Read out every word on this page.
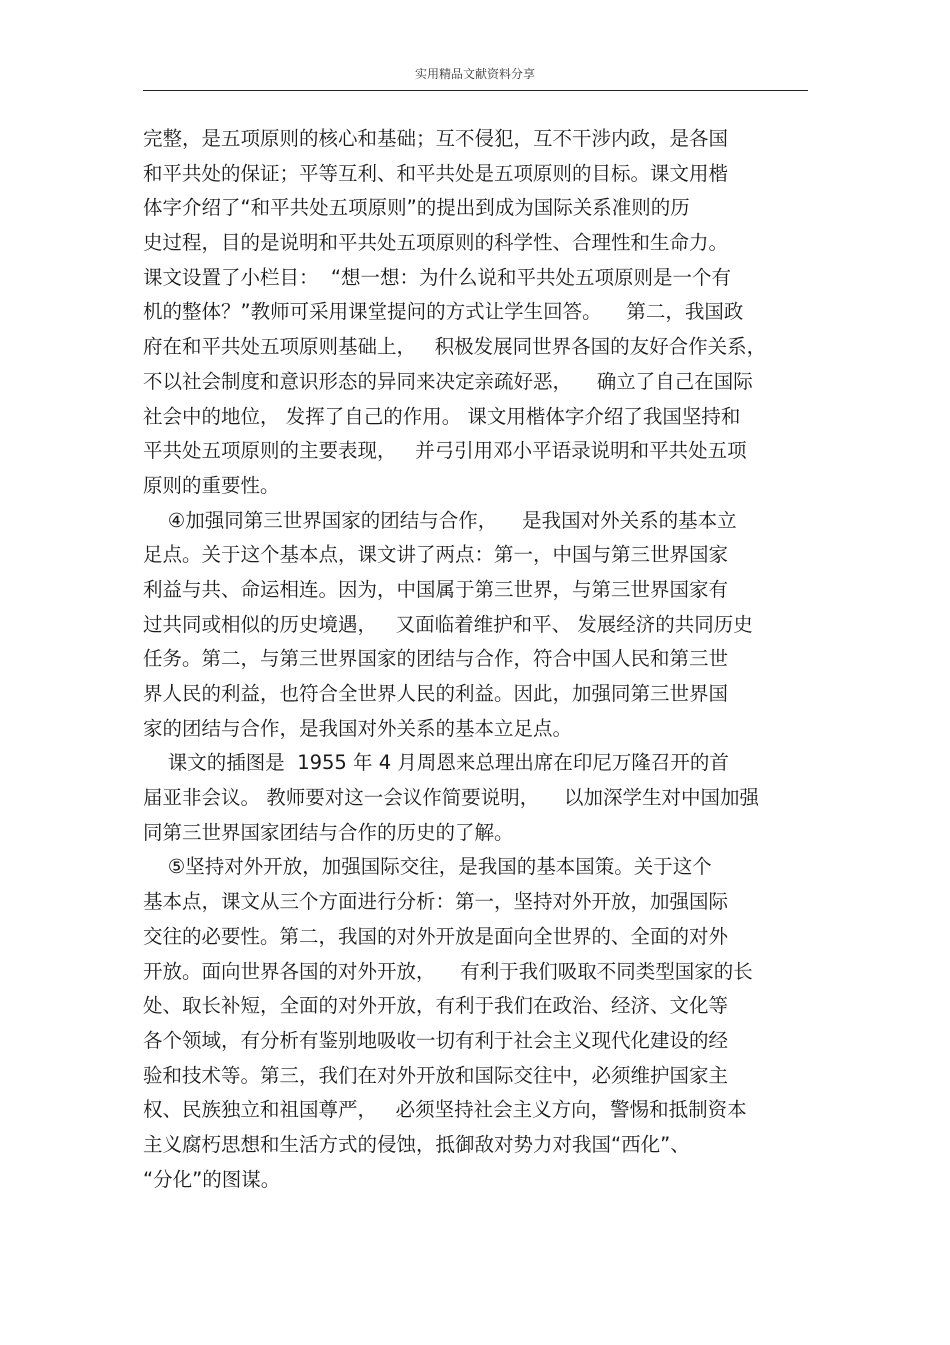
实用精品文献资料分享
完整，是五项原则的核心和基础；互不侵犯，互不干涉内政，是各国
和平共处的保证；平等互利、和平共处是五项原则的目标。课文用楷
体字介绍了“和平共处五项原则”的提出到成为国际关系准则的历
史过程，目的是说明和平共处五项原则的科学性、合理性和生命力。
课文设置了小栏目：  “想一想：为什么说和平共处五项原则是一个有
机的整体？”教师可采用课堂提问的方式让学生回答。    第二，我国政
府在和平共处五项原则基础上，   积极发展同世界各国的友好合作关系，
不以社会制度和意识形态的异同来决定亲疏好恶，    确立了自己在国际
社会中的地位， 发挥了自己的作用。 课文用楷体字介绍了我国坚持和
平共处五项原则的主要表现，   并弓引用邓小平语录说明和平共处五项
原则的重要性。
④加强同第三世界国家的团结与合作，    是我国对外关系的基本立
足点。关于这个基本点，课文讲了两点：第一，中国与第三世界国家
利益与共、命运相连。因为，中国属于第三世界，与第三世界国家有
过共同或相似的历史境遇，   又面临着维护和平、 发展经济的共同历史
任务。第二，与第三世界国家的团结与合作，符合中国人民和第三世
界人民的利益，也符合全世界人民的利益。因此，加强同第三世界国
家的团结与合作，是我国对外关系的基本立足点。
课文的插图是  1955 年 4 月周恩来总理出席在印尼万隆召开的首
届亚非会议。 教师要对这一会议作简要说明，    以加深学生对中国加强
同第三世界国家团结与合作的历史的了解。
⑤坚持对外开放，加强国际交往，是我国的基本国策。关于这个
基本点，课文从三个方面进行分析：第一，坚持对外开放，加强国际
交往的必要性。第二，我国的对外开放是面向全世界的、全面的对外
开放。面向世界各国的对外开放，    有利于我们吸取不同类型国家的长
处、取长补短，全面的对外开放，有利于我们在政治、经济、文化等
各个领域，有分析有鉴别地吸收一切有利于社会主义现代化建设的经
验和技术等。第三，我们在对外开放和国际交往中，必须维护国家主
权、民族独立和祖国尊严，   必须坚持社会主义方向，警惕和抵制资本
主义腐朽思想和生活方式的侵蚀，抵御敌对势力对我国“西化”、
“分化”的图谋。
